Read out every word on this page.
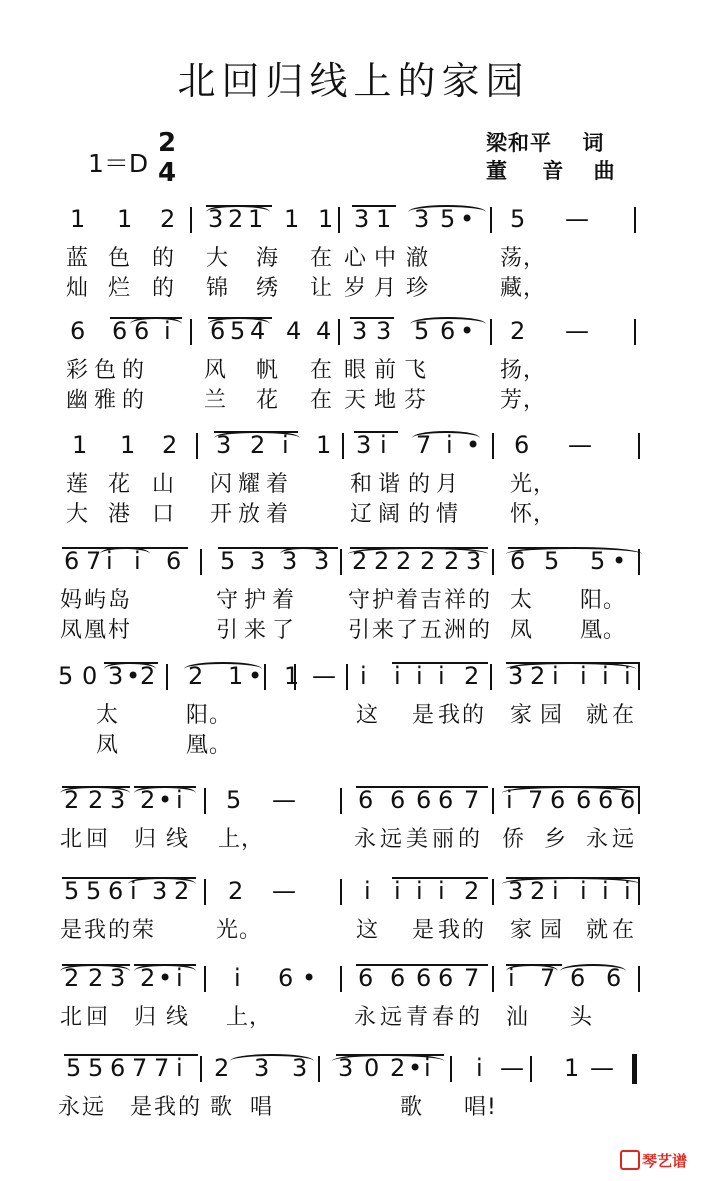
北回归线上的家园
1＝D
2
4
梁和平 词
董 音 曲
1 1 2 3 2 1 1 1 3 1 3 5 • 5 —
蓝 色 的 大 海 在 心 中 澈	荡，
灿 烂 的 锦 绣 让 岁 月 珍	藏，
6 6 6 i 6 5 4 4 4 3 3 5 6 • 2 —
彩 色 的	风 帆 在 眼 前 飞	扬，
幽 雅 的	兰 花 在 天 地 芬	芳，
1 1 2 3 2 i 1 3 i 7 i • 6 —
莲 花 山 闪 耀 着	和 谐 的 月 光，
大 港 口 开 放 着	辽 阔 的 情 怀，
6 7 i i 6 5 3 3 3 2 2 2 2 2 3 6 5 5 •
妈 屿 岛	守 护 着 守 护 着 吉 祥 的 太 阳。
凤 凰 村	引 来 了 引 来 了 五 洲 的 凤 凰。
5 0 3 • 2 2 1 • 1 — i i i i 2 3 2 i i i i
太	阳。	这 是 我 的 家 园 就 在
凤	凰。
2 2 3 2 • i 5 —	6 6 6 6 7 i 7 6 6 6 6
北 回 归 线 上，	永 远 美 丽 的 侨 乡 永 远
5 5 6 i 3 2 2 —	i i i i 2 3 2 i i i i
是 我 的 荣	光。	这 是 我 的 家 园 就 在
2 2 3 2 • i i 6 • 6 6 6 6 7 i 7 6 6
北 回 归 线 上，	永 远 青 春 的 汕 头
5 5 6 7 7 i 2 3 3 3 0 2 • i i — 1 —
永 远 是 我 的 歌 唱	歌 唱!
琴艺谱
